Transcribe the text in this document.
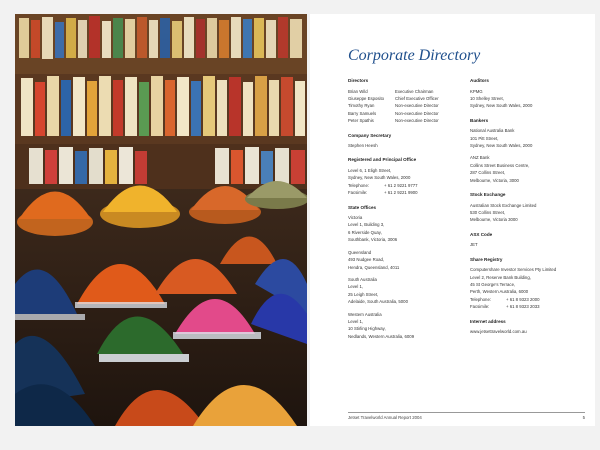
Corporate Directory
Directors
Brian Wild	Executive Chairman
Giuseppe Esposito	Chief Executive Officer
Timothy Ryan	Non-executive Director
Barry Samuels	Non-executive Director
Peter Spathis	Non-executive Director
Company Secretary
Stephen Heesh
Registered and Principal Office
Level 6, 1 Eligh Street,
Sydney, New South Wales, 2000
Telephone:	+ 61 2 9221 9777
Facsimile:	+ 61 2 9221 9900
State Offices
Victoria
Level 1, Building 3,
6 Riverside Quay,
Southbank, Victoria, 3006
Queensland
493 Nudgee Road,
Hendra, Queensland, 4011
South Australia
Level 1,
25 Leigh Street,
Adelaide, South Australia, 5000
Western Australia
Level 1,
10 Stirling Highway,
Nedlands, Western Australia, 6009
Auditors
KPMG
10 Shelley Street,
Sydney, New South Wales, 2000
Bankers
National Australia Bank
101 Pitt Street,
Sydney, New South Wales, 2000
ANZ Bank
Collins Street Business Centre,
287 Collins Street,
Melbourne, Victoria, 3000
Stock Exchange
Australian Stock Exchange Limited
530 Collins Street,
Melbourne, Victoria 3000
ASX Code
JET
Share Registry
Computershare Investor Services Pty Limited
Level 2, Reserve Bank Building,
45 St George's Terrace,
Perth, Western Australia, 6000
Telephone:	+ 61 8 9323 2000
Facsimile:	+ 61 8 9323 2033
Internet address
www.jetsettravelworld.com.au
Jetset Travelworld Annual Report 2004	5
